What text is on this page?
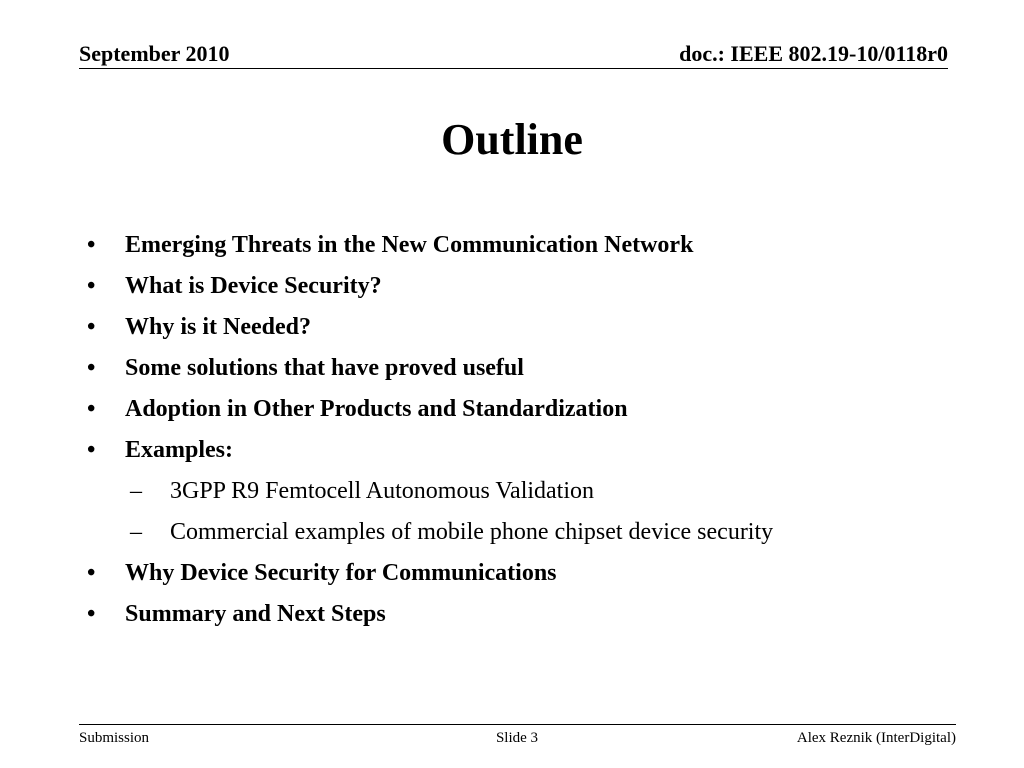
September 2010	doc.: IEEE 802.19-10/0118r0
Outline
• Emerging Threats in the New Communication Network
• What is Device Security?
• Why is it Needed?
• Some solutions that have proved useful
• Adoption in Other Products and Standardization
• Examples:
– 3GPP R9 Femtocell Autonomous Validation
– Commercial examples of mobile phone chipset device security
• Why Device Security for Communications
• Summary and Next Steps
Submission	Slide 3	Alex Reznik (InterDigital)
